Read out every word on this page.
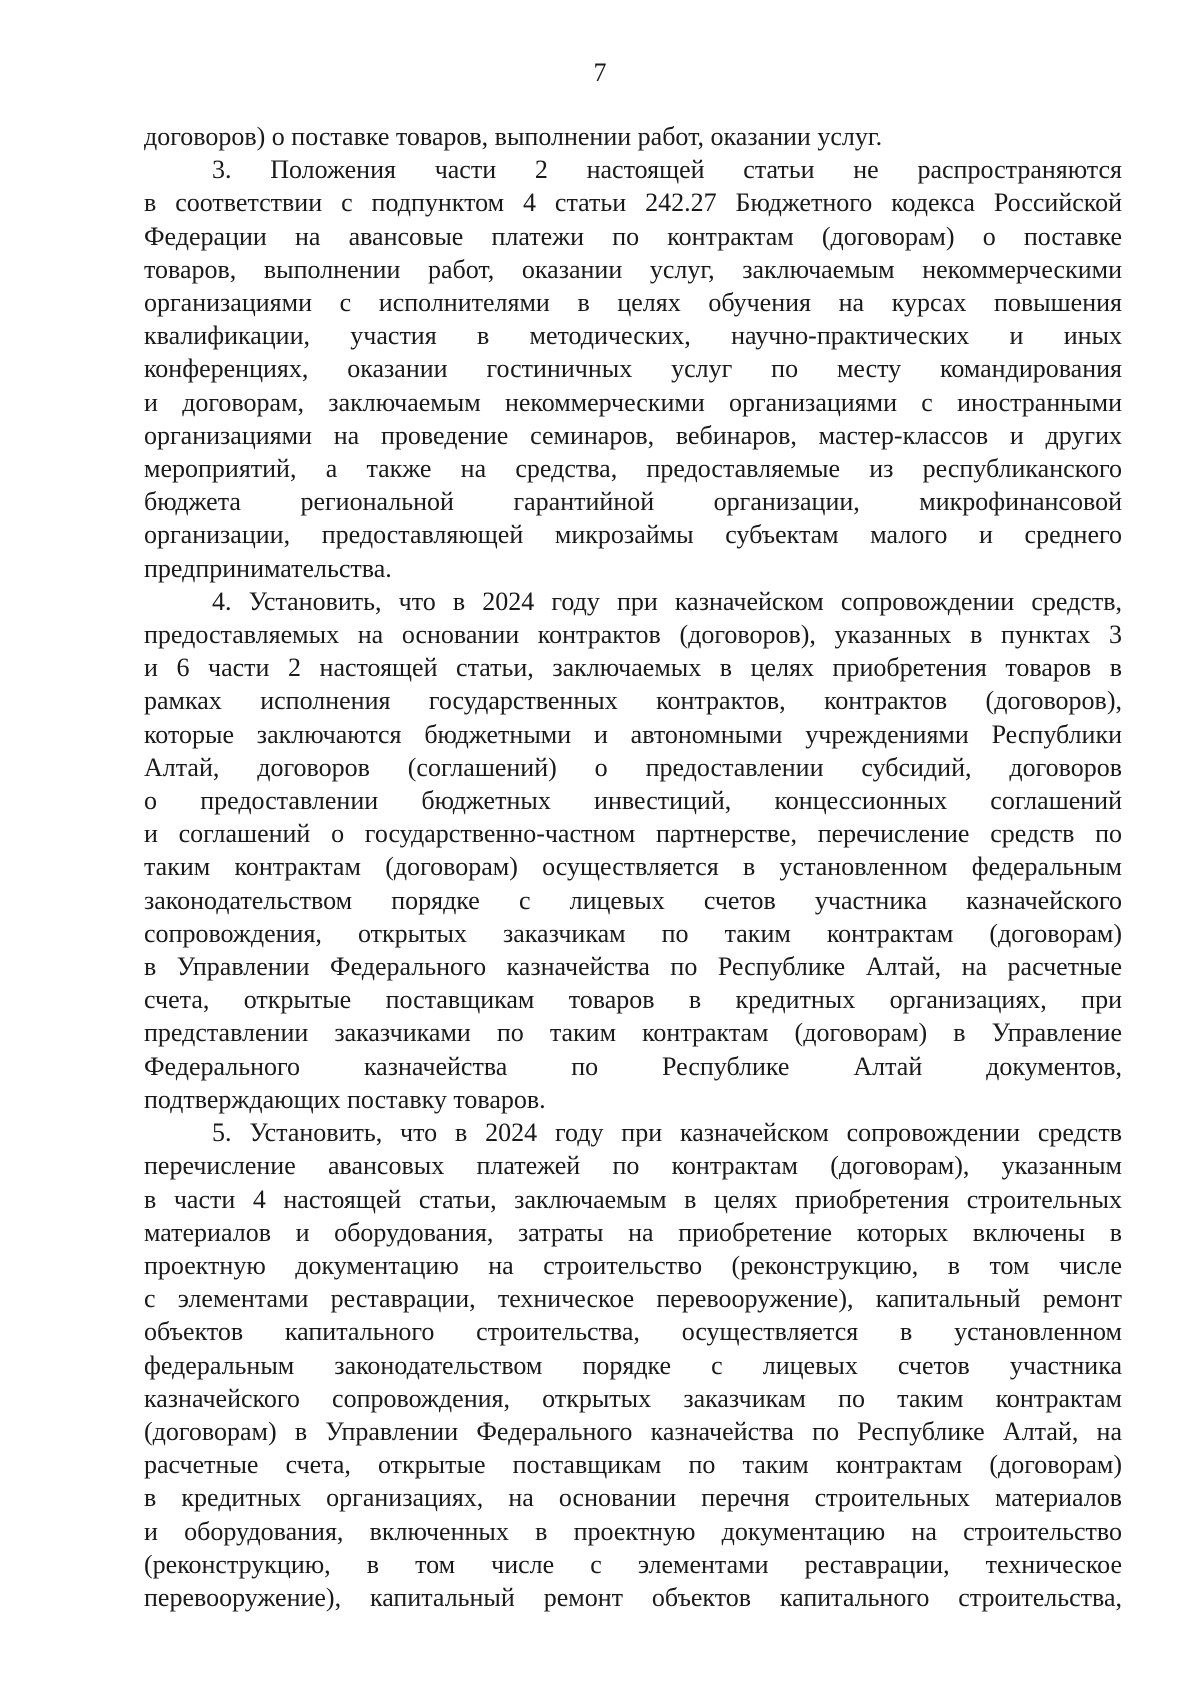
7
договоров) о поставке товаров, выполнении работ, оказании услуг.
3. Положения части 2 настоящей статьи не распространяются
в соответствии с подпунктом 4 статьи 242.27 Бюджетного кодекса Российской
Федерации на авансовые платежи по контрактам (договорам) о поставке
товаров, выполнении работ, оказании услуг, заключаемым некоммерческими
организациями с исполнителями в целях обучения на курсах повышения
квалификации, участия в методических, научно-практических и иных
конференциях, оказании гостиничных услуг по месту командирования
и договорам, заключаемым некоммерческими организациями с иностранными
организациями на проведение семинаров, вебинаров, мастер-классов и других
мероприятий, а также на средства, предоставляемые из республиканского
бюджета региональной гарантийной организации, микрофинансовой
организации, предоставляющей микрозаймы субъектам малого и среднего
предпринимательства.
4. Установить, что в 2024 году при казначейском сопровождении средств,
предоставляемых на основании контрактов (договоров), указанных в пунктах 3
и 6 части 2 настоящей статьи, заключаемых в целях приобретения товаров в
рамках исполнения государственных контрактов, контрактов (договоров),
которые заключаются бюджетными и автономными учреждениями Республики
Алтай, договоров (соглашений) о предоставлении субсидий, договоров
о предоставлении бюджетных инвестиций, концессионных соглашений
и соглашений о государственно-частном партнерстве, перечисление средств по
таким контрактам (договорам) осуществляется в установленном федеральным
законодательством порядке с лицевых счетов участника казначейского
сопровождения, открытых заказчикам по таким контрактам (договорам)
в Управлении Федерального казначейства по Республике Алтай, на расчетные
счета, открытые поставщикам товаров в кредитных организациях, при
представлении заказчиками по таким контрактам (договорам) в Управление
Федерального казначейства по Республике Алтай документов,
подтверждающих поставку товаров.
5. Установить, что в 2024 году при казначейском сопровождении средств
перечисление авансовых платежей по контрактам (договорам), указанным
в части 4 настоящей статьи, заключаемым в целях приобретения строительных
материалов и оборудования, затраты на приобретение которых включены в
проектную документацию на строительство (реконструкцию, в том числе
с элементами реставрации, техническое перевооружение), капитальный ремонт
объектов капитального строительства, осуществляется в установленном
федеральным законодательством порядке с лицевых счетов участника
казначейского сопровождения, открытых заказчикам по таким контрактам
(договорам) в Управлении Федерального казначейства по Республике Алтай, на
расчетные счета, открытые поставщикам по таким контрактам (договорам)
в кредитных организациях, на основании перечня строительных материалов
и оборудования, включенных в проектную документацию на строительство
(реконструкцию, в том числе с элементами реставрации, техническое
перевооружение), капитальный ремонт объектов капитального строительства,
